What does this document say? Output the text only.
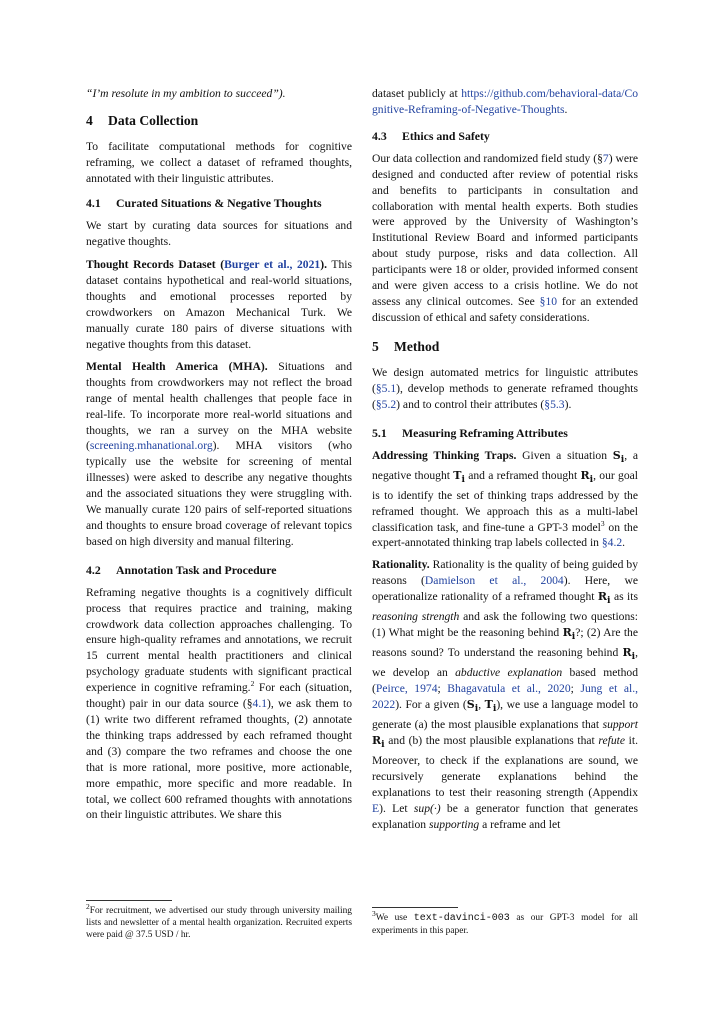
“I’m resolute in my ambition to succeed”).

4 Data Collection

To facilitate computational methods for cognitive reframing, we collect a dataset of reframed thoughts, annotated with their linguistic attributes.

4.1 Curated Situations & Negative Thoughts

We start by curating data sources for situations and negative thoughts.

Thought Records Dataset (Burger et al., 2021). This dataset contains hypothetical and real-world situations, thoughts and emotional processes reported by crowdworkers on Amazon Mechanical Turk. We manually curate 180 pairs of diverse situations with negative thoughts from this dataset.

Mental Health America (MHA). Situations and thoughts from crowdworkers may not reflect the broad range of mental health challenges that people face in real-life. To incorporate more real-world situations and thoughts, we ran a survey on the MHA website (screening.mhanational.org). MHA visitors (who typically use the website for screening of mental illnesses) were asked to describe any negative thoughts and the associated situations they were struggling with. We manually curate 120 pairs of self-reported situations and thoughts to ensure broad coverage of relevant topics based on high diversity and manual filtering.

4.2 Annotation Task and Procedure

Reframing negative thoughts is a cognitively difficult process that requires practice and training, making crowdwork data collection approaches challenging. To ensure high-quality reframes and annotations, we recruit 15 current mental health practitioners and clinical psychology graduate students with significant practical experience in cognitive reframing.$^2$ For each (situation, thought) pair in our data source (§4.1), we ask them to (1) write two different reframed thoughts, (2) annotate the thinking traps addressed by each reframed thought and (3) compare the two reframes and choose the one that is more rational, more positive, more actionable, more empathic, more specific and more readable. In total, we collect 600 reframed thoughts with annotations on their linguistic attributes. We share this

$^2$For recruitment, we advertised our study through university mailing lists and newsletter of a mental health organization. Recruited experts were paid @ 37.5 USD / hr.

dataset publicly at https://github.com/behavioral-data/Cognitive-Reframing-of-Negative-Thoughts.

4.3 Ethics and Safety

Our data collection and randomized field study (§7) were designed and conducted after review of potential risks and benefits to participants in consultation and collaboration with mental health experts. Both studies were approved by the University of Washington’s Institutional Review Board and informed participants about study purpose, risks and data collection. All participants were 18 or older, provided informed consent and were given access to a crisis hotline. We do not assess any clinical outcomes. See §10 for an extended discussion of ethical and safety considerations.

5 Method

We design automated metrics for linguistic attributes (§5.1), develop methods to generate reframed thoughts (§5.2) and to control their attributes (§5.3).

5.1 Measuring Reframing Attributes

Addressing Thinking Traps. Given a situation $S_i$, a negative thought $T_i$ and a reframed thought $R_i$, our goal is to identify the set of thinking traps addressed by the reframed thought. We approach this as a multi-label classification task, and fine-tune a GPT-3 model$^3$ on the expert-annotated thinking trap labels collected in §4.2.

Rationality. Rationality is the quality of being guided by reasons (Damielson et al., 2004). Here, we operationalize rationality of a reframed thought $R_i$ as its reasoning strength and ask the following two questions: (1) What might be the reasoning behind $R_i$?; (2) Are the reasons sound? To understand the reasoning behind $R_i$, we develop an abductive explanation based method (Peirce, 1974; Bhagavatula et al., 2020; Jung et al., 2022). For a given ($S_i$, $T_i$), we use a language model to generate (a) the most plausible explanations that support $R_i$ and (b) the most plausible explanations that refute it. Moreover, to check if the explanations are sound, we recursively generate explanations behind the explanations to test their reasoning strength (Appendix E). Let sup(·) be a generator function that generates explanation supporting a reframe and let

$^3$We use text-davinci-003 as our GPT-3 model for all experiments in this paper.
